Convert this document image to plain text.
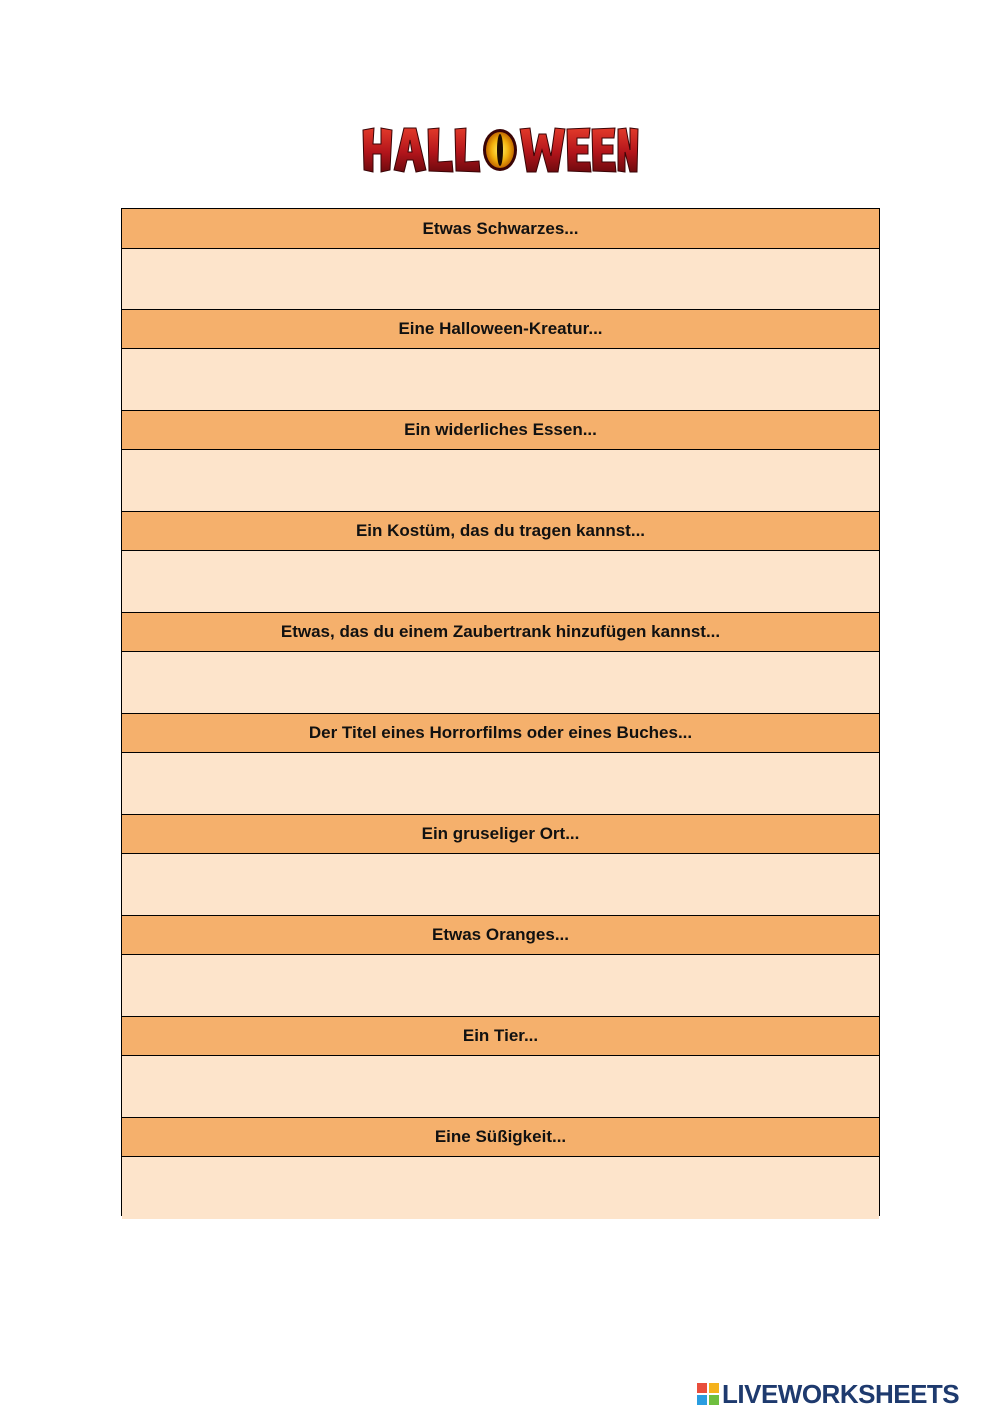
Etwas Schwarzes...
Eine Halloween-Kreatur...
Ein widerliches Essen...
Ein Kostüm, das du tragen kannst...
Etwas, das du einem Zaubertrank hinzufügen kannst...
Der Titel eines Horrorfilms oder eines Buches...
Ein gruseliger Ort...
Etwas Oranges...
Ein Tier...
Eine Süßigkeit...
LIVEWORKSHEETS
